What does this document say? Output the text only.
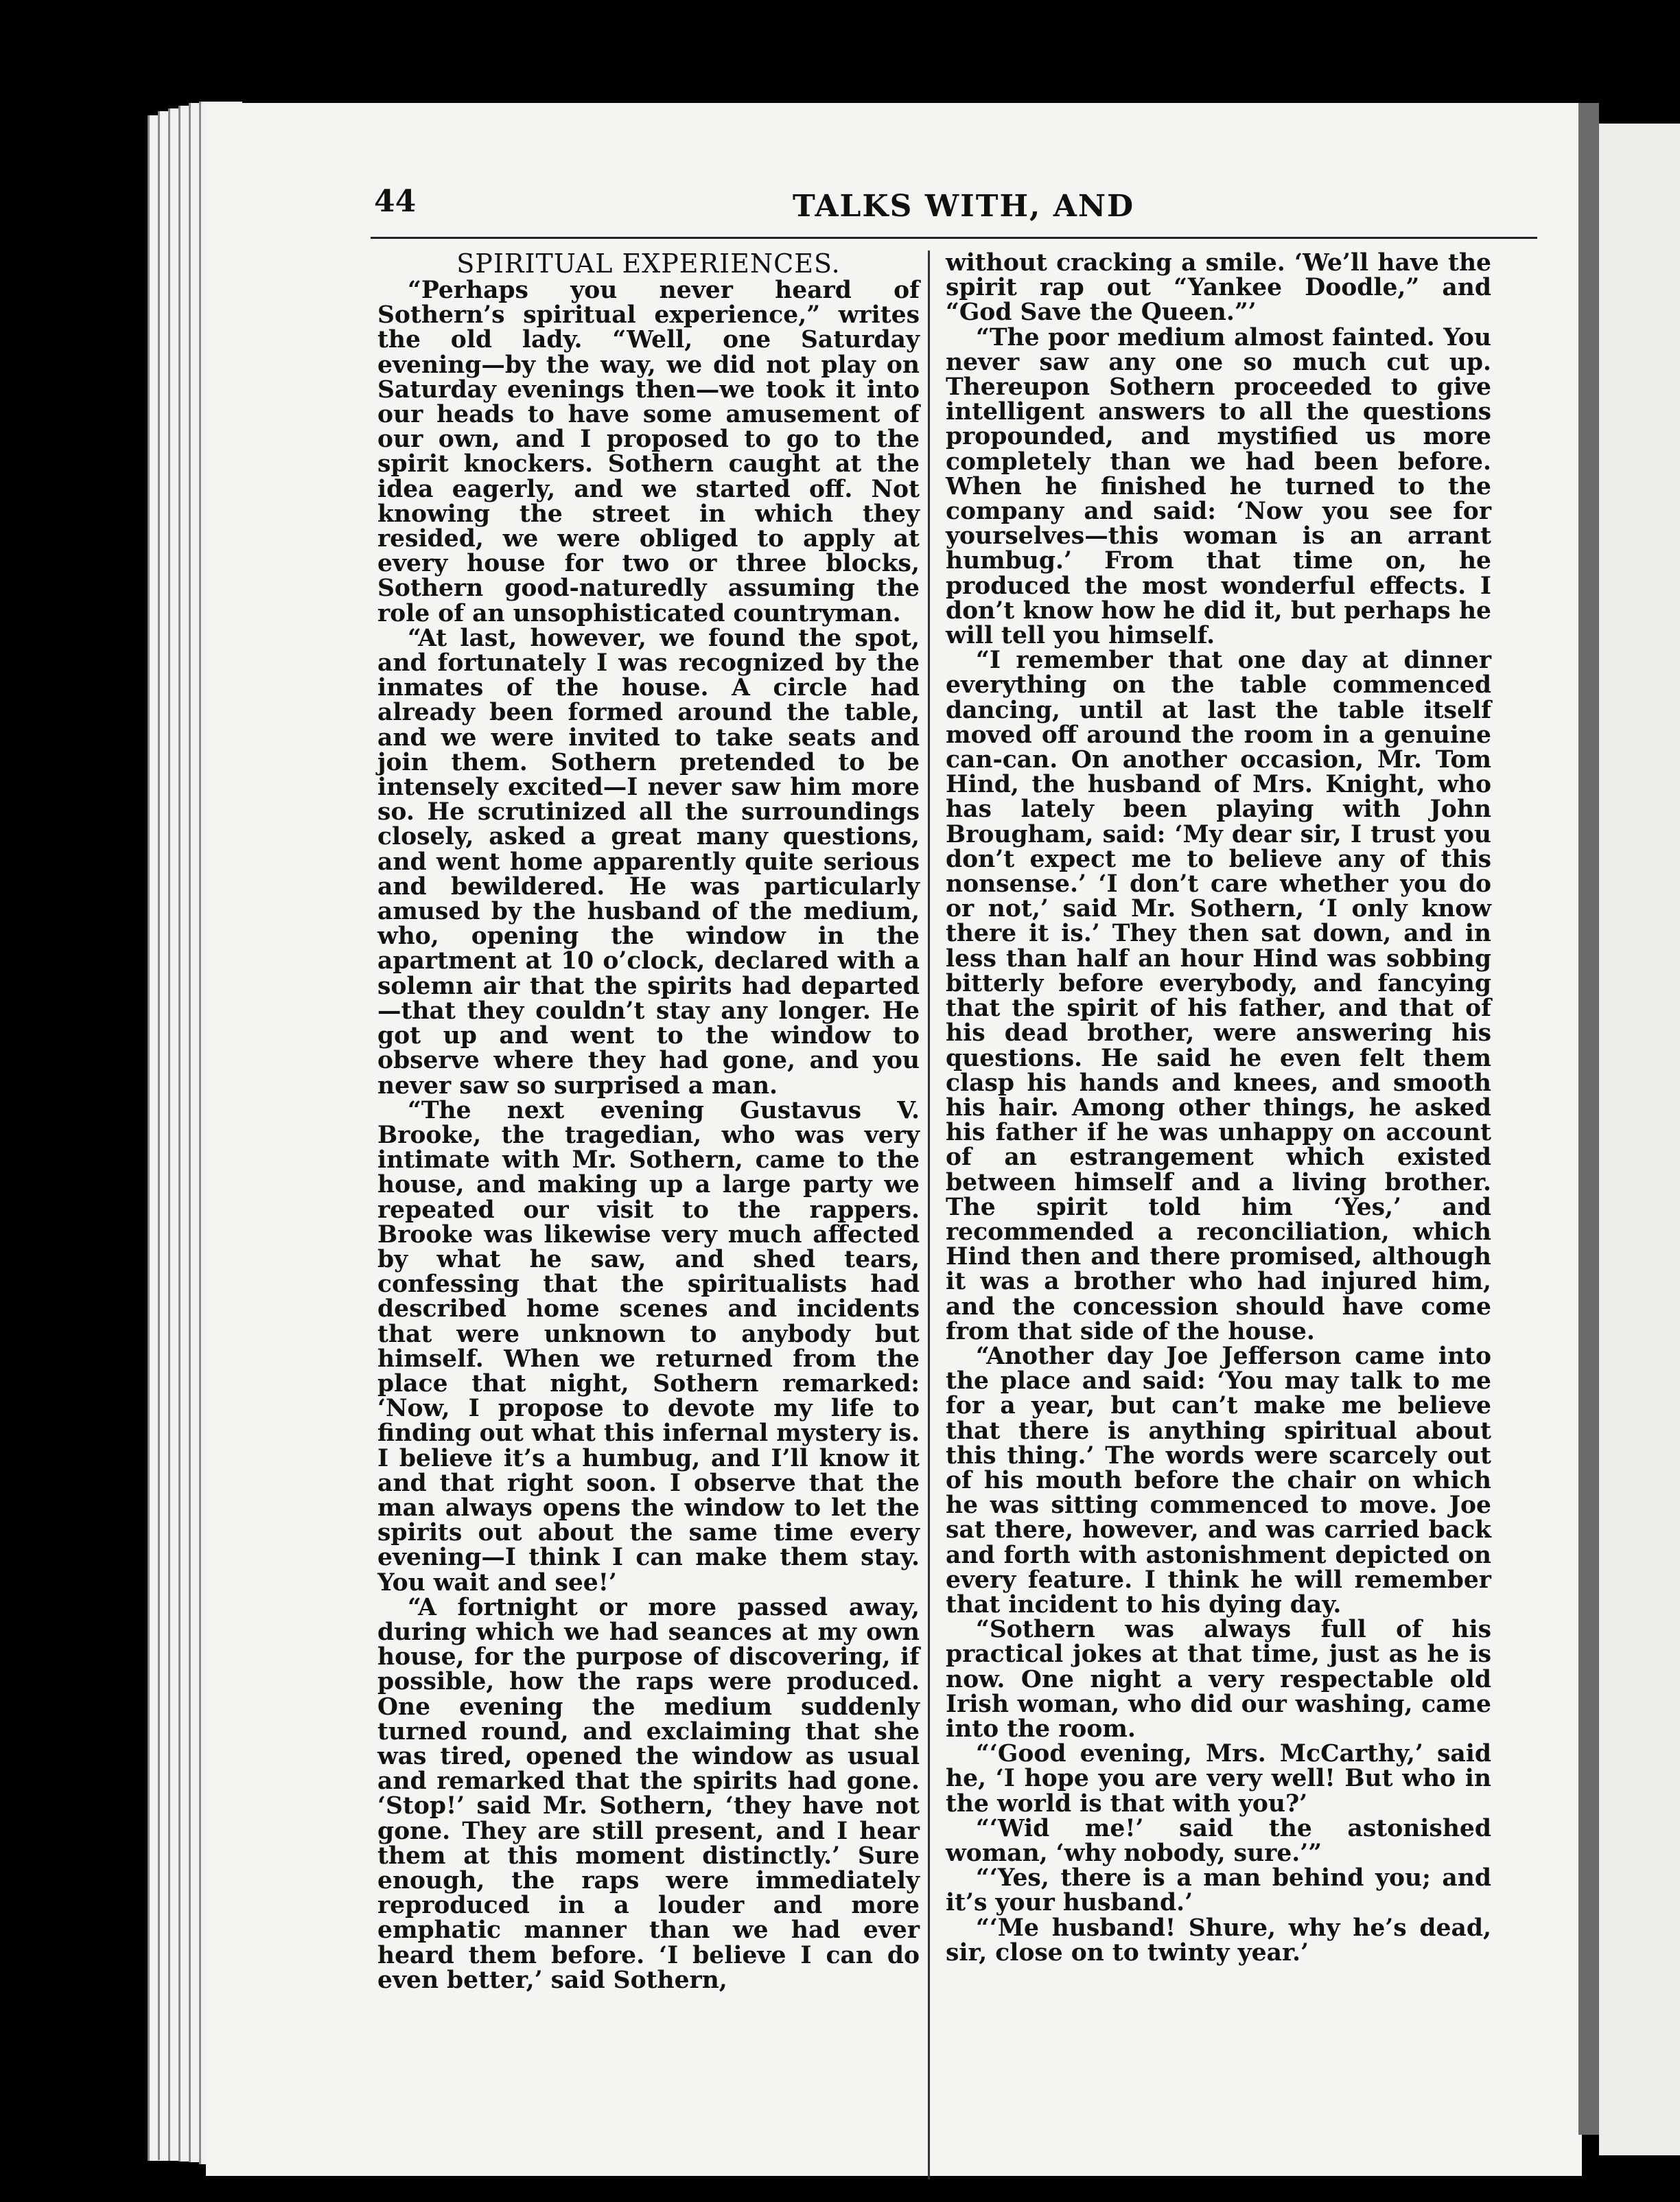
t
I
l
I
l
s
e
h
l
s
f
c
s
l
h
T
p
w
c
a
o
c
w
b
p
y
t
t
t
v
c
t
o
a
'b
a
w
t
t
T
w
g
r
w
e
44	TALKS WITH, AND
SPIRITUAL EXPERIENCES.

“Perhaps you never heard of Sothern’s spiritual experience,” writes the old lady. “Well, one Saturday evening—by the way, we did not play on Saturday evenings then—we took it into our heads to have some amusement of our own, and I proposed to go to the spirit knockers. Sothern caught at the idea eagerly, and we started off. Not knowing the street in which they resided, we were obliged to apply at every house for two or three blocks, Sothern good-naturedly assuming the role of an unsophisticated countryman.

“At last, however, we found the spot, and fortunately I was recognized by the inmates of the house. A circle had already been formed around the table, and we were invited to take seats and join them. Sothern pretended to be intensely excited—I never saw him more so. He scrutinized all the surroundings closely, asked a great many questions, and went home apparently quite serious and bewildered. He was particularly amused by the husband of the medium, who, opening the window in the apartment at 10 o’clock, declared with a solemn air that the spirits had departed—that they couldn’t stay any longer. He got up and went to the window to observe where they had gone, and you never saw so surprised a man.

“The next evening Gustavus V. Brooke, the tragedian, who was very intimate with Mr. Sothern, came to the house, and making up a large party we repeated our visit to the rappers. Brooke was likewise very much affected by what he saw, and shed tears, confessing that the spiritualists had described home scenes and incidents that were unknown to anybody but himself. When we returned from the place that night, Sothern remarked: ‘Now, I propose to devote my life to finding out what this infernal mystery is. I believe it’s a humbug, and I’ll know it and that right soon. I observe that the man always opens the window to let the spirits out about the same time every evening—I think I can make them stay. You wait and see!’

“A fortnight or more passed away, during which we had seances at my own house, for the purpose of discovering, if possible, how the raps were produced. One evening the medium suddenly turned round, and exclaiming that she was tired, opened the window as usual and remarked that the spirits had gone. ‘Stop!’ said Mr. Sothern, ‘they have not gone. They are still present, and I hear them at this moment distinctly.’ Sure enough, the raps were immediately reproduced in a louder and more emphatic manner than we had ever heard them before. ‘I believe I can do even better,’ said Sothern,

without cracking a smile. ‘We’ll have the spirit rap out “Yankee Doodle,” and “God Save the Queen.”’

“The poor medium almost fainted. You never saw any one so much cut up. Thereupon Sothern proceeded to give intelligent answers to all the questions propounded, and mystified us more completely than we had been before. When he finished he turned to the company and said: ‘Now you see for yourselves—this woman is an arrant humbug.’ From that time on, he produced the most wonderful effects. I don’t know how he did it, but perhaps he will tell you himself.

“I remember that one day at dinner everything on the table commenced dancing, until at last the table itself moved off around the room in a genuine can-can. On another occasion, Mr. Tom Hind, the husband of Mrs. Knight, who has lately been playing with John Brougham, said: ‘My dear sir, I trust you don’t expect me to believe any of this nonsense.’ ‘I don’t care whether you do or not,’ said Mr. Sothern, ‘I only know there it is.’ They then sat down, and in less than half an hour Hind was sobbing bitterly before everybody, and fancying that the spirit of his father, and that of his dead brother, were answering his questions. He said he even felt them clasp his hands and knees, and smooth his hair. Among other things, he asked his father if he was unhappy on account of an estrangement which existed between himself and a living brother. The spirit told him ‘Yes,’ and recommended a reconciliation, which Hind then and there promised, although it was a brother who had injured him, and the concession should have come from that side of the house.

“Another day Joe Jefferson came into the place and said: ‘You may talk to me for a year, but can’t make me believe that there is anything spiritual about this thing.’ The words were scarcely out of his mouth before the chair on which he was sitting commenced to move. Joe sat there, however, and was carried back and forth with astonishment depicted on every feature. I think he will remember that incident to his dying day.

“Sothern was always full of his practical jokes at that time, just as he is now. One night a very respectable old Irish woman, who did our washing, came into the room.

“‘Good evening, Mrs. McCarthy,’ said he, ‘I hope you are very well! But who in the world is that with you?’

“‘Wid me!’ said the astonished woman, ‘why nobody, sure.’”

“‘Yes, there is a man behind you; and it’s your husband.’

“‘Me husband! Shure, why he’s dead, sir, close on to twinty year.’
